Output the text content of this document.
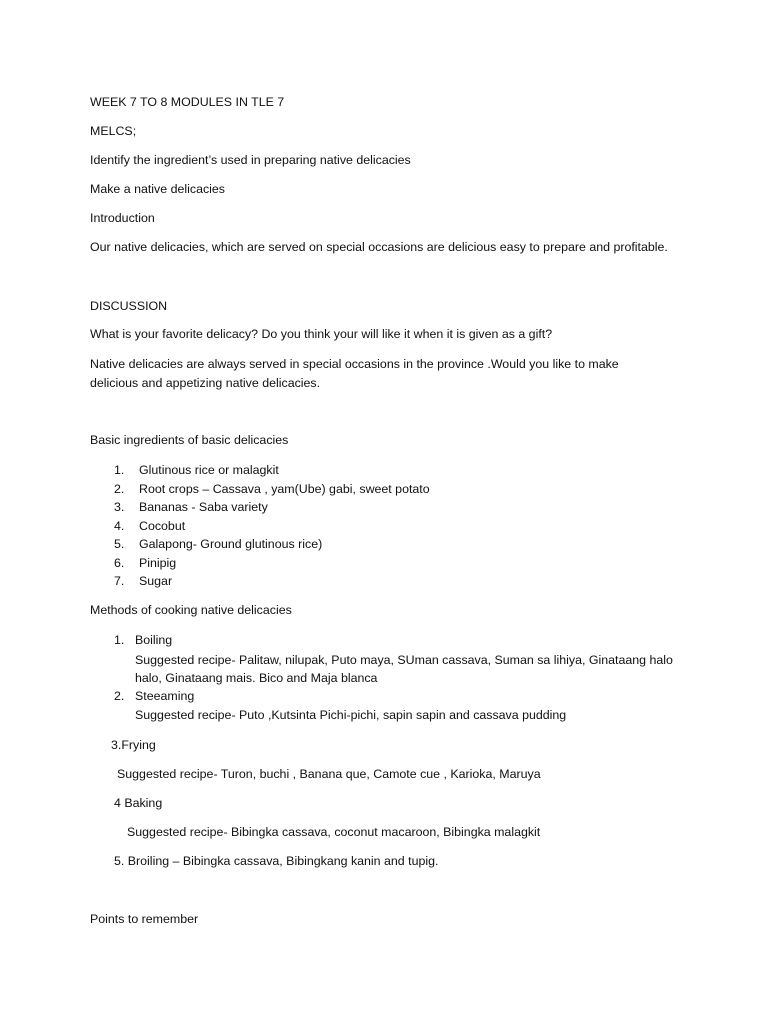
WEEK 7 TO 8 MODULES IN TLE 7
MELCS;
Identify the ingredient’s used in preparing native delicacies
Make a native delicacies
Introduction
Our native delicacies, which are served on special occasions are delicious easy to prepare and profitable.
DISCUSSION
What is your favorite delicacy? Do you think your will like it when it is given as a gift?
Native delicacies are always served in special occasions in the province .Would you like to make
delicious and appetizing native delicacies.
Basic ingredients of basic delicacies
1. Glutinous rice or malagkit
2. Root crops – Cassava , yam(Ube) gabi, sweet potato
3. Bananas - Saba variety
4. Cocobut
5. Galapong- Ground glutinous rice)
6. Pinipig
7. Sugar
Methods of cooking native delicacies
1. Boiling
Suggested recipe- Palitaw, nilupak, Puto maya, SUman cassava, Suman sa lihiya, Ginataang halo
halo, Ginataang mais. Bico and Maja blanca
2. Steeaming
Suggested recipe- Puto ,Kutsinta Pichi-pichi, sapin sapin and cassava pudding
3.Frying
Suggested recipe- Turon, buchi , Banana que, Camote cue , Karioka, Maruya
4 Baking
Suggested recipe- Bibingka cassava, coconut macaroon, Bibingka malagkit
5. Broiling – Bibingka cassava, Bibingkang kanin and tupig.
Points to remember
